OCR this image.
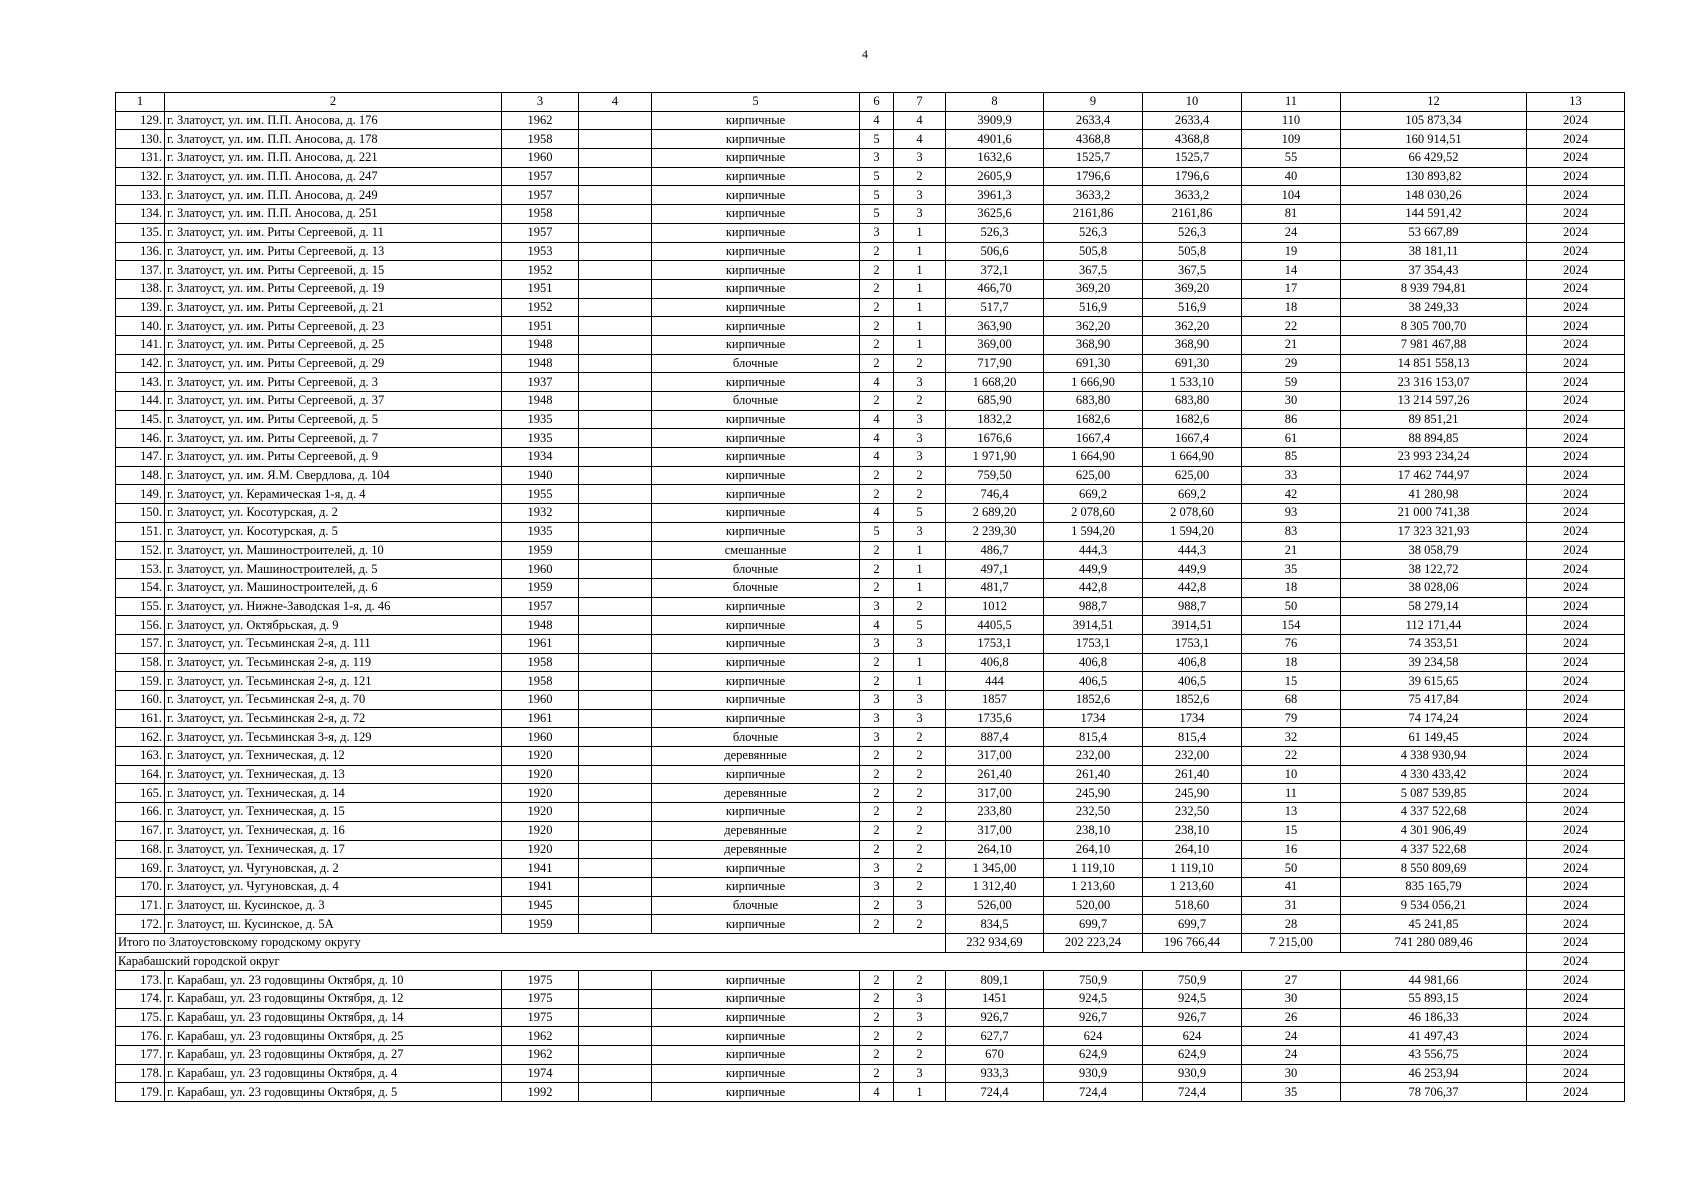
4
1	2	3	4	5	6	7	8	9	10	11	12	13
129.	г. Златоуст, ул. им. П.П. Аносова, д. 176	1962		кирпичные	4	4	3909,9	2633,4	2633,4	110	105 873,34	2024
130.	г. Златоуст, ул. им. П.П. Аносова, д. 178	1958		кирпичные	5	4	4901,6	4368,8	4368,8	109	160 914,51	2024
131.	г. Златоуст, ул. им. П.П. Аносова, д. 221	1960		кирпичные	3	3	1632,6	1525,7	1525,7	55	66 429,52	2024
132.	г. Златоуст, ул. им. П.П. Аносова, д. 247	1957		кирпичные	5	2	2605,9	1796,6	1796,6	40	130 893,82	2024
133.	г. Златоуст, ул. им. П.П. Аносова, д. 249	1957		кирпичные	5	3	3961,3	3633,2	3633,2	104	148 030,26	2024
134.	г. Златоуст, ул. им. П.П. Аносова, д. 251	1958		кирпичные	5	3	3625,6	2161,86	2161,86	81	144 591,42	2024
135.	г. Златоуст, ул. им. Риты Сергеевой, д. 11	1957		кирпичные	3	1	526,3	526,3	526,3	24	53 667,89	2024
136.	г. Златоуст, ул. им. Риты Сергеевой, д. 13	1953		кирпичные	2	1	506,6	505,8	505,8	19	38 181,11	2024
137.	г. Златоуст, ул. им. Риты Сергеевой, д. 15	1952		кирпичные	2	1	372,1	367,5	367,5	14	37 354,43	2024
138.	г. Златоуст, ул. им. Риты Сергеевой, д. 19	1951		кирпичные	2	1	466,70	369,20	369,20	17	8 939 794,81	2024
139.	г. Златоуст, ул. им. Риты Сергеевой, д. 21	1952		кирпичные	2	1	517,7	516,9	516,9	18	38 249,33	2024
140.	г. Златоуст, ул. им. Риты Сергеевой, д. 23	1951		кирпичные	2	1	363,90	362,20	362,20	22	8 305 700,70	2024
141.	г. Златоуст, ул. им. Риты Сергеевой, д. 25	1948		кирпичные	2	1	369,00	368,90	368,90	21	7 981 467,88	2024
142.	г. Златоуст, ул. им. Риты Сергеевой, д. 29	1948		блочные	2	2	717,90	691,30	691,30	29	14 851 558,13	2024
143.	г. Златоуст, ул. им. Риты Сергеевой, д. 3	1937		кирпичные	4	3	1 668,20	1 666,90	1 533,10	59	23 316 153,07	2024
144.	г. Златоуст, ул. им. Риты Сергеевой, д. 37	1948		блочные	2	2	685,90	683,80	683,80	30	13 214 597,26	2024
145.	г. Златоуст, ул. им. Риты Сергеевой, д. 5	1935		кирпичные	4	3	1832,2	1682,6	1682,6	86	89 851,21	2024
146.	г. Златоуст, ул. им. Риты Сергеевой, д. 7	1935		кирпичные	4	3	1676,6	1667,4	1667,4	61	88 894,85	2024
147.	г. Златоуст, ул. им. Риты Сергеевой, д. 9	1934		кирпичные	4	3	1 971,90	1 664,90	1 664,90	85	23 993 234,24	2024
148.	г. Златоуст, ул. им. Я.М. Свердлова, д. 104	1940		кирпичные	2	2	759,50	625,00	625,00	33	17 462 744,97	2024
149.	г. Златоуст, ул. Керамическая 1-я, д. 4	1955		кирпичные	2	2	746,4	669,2	669,2	42	41 280,98	2024
150.	г. Златоуст, ул. Косотурская, д. 2	1932		кирпичные	4	5	2 689,20	2 078,60	2 078,60	93	21 000 741,38	2024
151.	г. Златоуст, ул. Косотурская, д. 5	1935		кирпичные	5	3	2 239,30	1 594,20	1 594,20	83	17 323 321,93	2024
152.	г. Златоуст, ул. Машиностроителей, д. 10	1959		смешанные	2	1	486,7	444,3	444,3	21	38 058,79	2024
153.	г. Златоуст, ул. Машиностроителей, д. 5	1960		блочные	2	1	497,1	449,9	449,9	35	38 122,72	2024
154.	г. Златоуст, ул. Машиностроителей, д. 6	1959		блочные	2	1	481,7	442,8	442,8	18	38 028,06	2024
155.	г. Златоуст, ул. Нижне-Заводская 1-я, д. 46	1957		кирпичные	3	2	1012	988,7	988,7	50	58 279,14	2024
156.	г. Златоуст, ул. Октябрьская, д. 9	1948		кирпичные	4	5	4405,5	3914,51	3914,51	154	112 171,44	2024
157.	г. Златоуст, ул. Тесьминская 2-я, д. 111	1961		кирпичные	3	3	1753,1	1753,1	1753,1	76	74 353,51	2024
158.	г. Златоуст, ул. Тесьминская 2-я, д. 119	1958		кирпичные	2	1	406,8	406,8	406,8	18	39 234,58	2024
159.	г. Златоуст, ул. Тесьминская 2-я, д. 121	1958		кирпичные	2	1	444	406,5	406,5	15	39 615,65	2024
160.	г. Златоуст, ул. Тесьминская 2-я, д. 70	1960		кирпичные	3	3	1857	1852,6	1852,6	68	75 417,84	2024
161.	г. Златоуст, ул. Тесьминская 2-я, д. 72	1961		кирпичные	3	3	1735,6	1734	1734	79	74 174,24	2024
162.	г. Златоуст, ул. Тесьминская 3-я, д. 129	1960		блочные	3	2	887,4	815,4	815,4	32	61 149,45	2024
163.	г. Златоуст, ул. Техническая, д. 12	1920		деревянные	2	2	317,00	232,00	232,00	22	4 338 930,94	2024
164.	г. Златоуст, ул. Техническая, д. 13	1920		кирпичные	2	2	261,40	261,40	261,40	10	4 330 433,42	2024
165.	г. Златоуст, ул. Техническая, д. 14	1920		деревянные	2	2	317,00	245,90	245,90	11	5 087 539,85	2024
166.	г. Златоуст, ул. Техническая, д. 15	1920		кирпичные	2	2	233,80	232,50	232,50	13	4 337 522,68	2024
167.	г. Златоуст, ул. Техническая, д. 16	1920		деревянные	2	2	317,00	238,10	238,10	15	4 301 906,49	2024
168.	г. Златоуст, ул. Техническая, д. 17	1920		деревянные	2	2	264,10	264,10	264,10	16	4 337 522,68	2024
169.	г. Златоуст, ул. Чугуновская, д. 2	1941		кирпичные	3	2	1 345,00	1 119,10	1 119,10	50	8 550 809,69	2024
170.	г. Златоуст, ул. Чугуновская, д. 4	1941		кирпичные	3	2	1 312,40	1 213,60	1 213,60	41	835 165,79	2024
171.	г. Златоуст, ш. Кусинское, д. 3	1945		блочные	2	3	526,00	520,00	518,60	31	9 534 056,21	2024
172.	г. Златоуст, ш. Кусинское, д. 5А	1959		кирпичные	2	2	834,5	699,7	699,7	28	45 241,85	2024
Итого по Златоустовскому городскому округу							232 934,69	202 223,24	196 766,44	7 215,00	741 280 089,46	2024
Карабашский городской округ												2024
173.	г. Карабаш, ул. 23 годовщины Октября, д. 10	1975		кирпичные	2	2	809,1	750,9	750,9	27	44 981,66	2024
174.	г. Карабаш, ул. 23 годовщины Октября, д. 12	1975		кирпичные	2	3	1451	924,5	924,5	30	55 893,15	2024
175.	г. Карабаш, ул. 23 годовщины Октября, д. 14	1975		кирпичные	2	3	926,7	926,7	926,7	26	46 186,33	2024
176.	г. Карабаш, ул. 23 годовщины Октября, д. 25	1962		кирпичные	2	2	627,7	624	624	24	41 497,43	2024
177.	г. Карабаш, ул. 23 годовщины Октября, д. 27	1962		кирпичные	2	2	670	624,9	624,9	24	43 556,75	2024
178.	г. Карабаш, ул. 23 годовщины Октября, д. 4	1974		кирпичные	2	3	933,3	930,9	930,9	30	46 253,94	2024
179.	г. Карабаш, ул. 23 годовщины Октября, д. 5	1992		кирпичные	4	1	724,4	724,4	724,4	35	78 706,37	2024
